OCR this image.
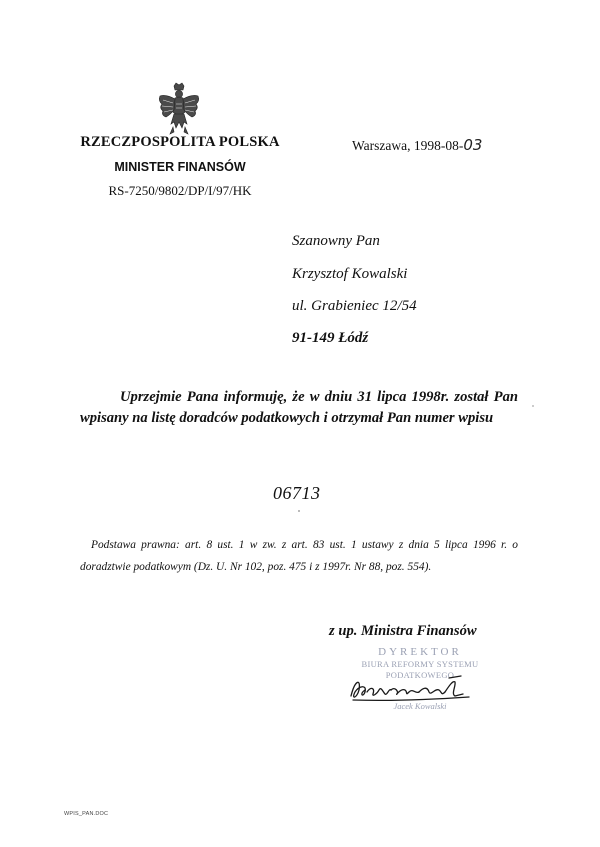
RZECZPOSPOLITA POLSKA
MINISTER FINANSÓW
RS-7250/9802/DP/I/97/HK
Warszawa, 1998-08-03
Szanowny Pan
Krzysztof Kowalski
ul. Grabieniec 12/54
91-149 Łódź
Uprzejmie Pana informuję, że w dniu 31 lipca 1998r. został Pan wpisany na listę doradców podatkowych i otrzymał Pan numer wpisu
06713
Podstawa prawna: art. 8 ust. 1 w zw. z art. 83 ust. 1 ustawy z dnia 5 lipca 1996 r. o doradztwie podatkowym (Dz. U. Nr 102, poz. 475 i z 1997r. Nr 88, poz. 554).
z up. Ministra Finansów
DYREKTOR
BIURA REFORMY SYSTEMU
PODATKOWEGO
Jacek Kowalski
WPIS_PAN.DOC
